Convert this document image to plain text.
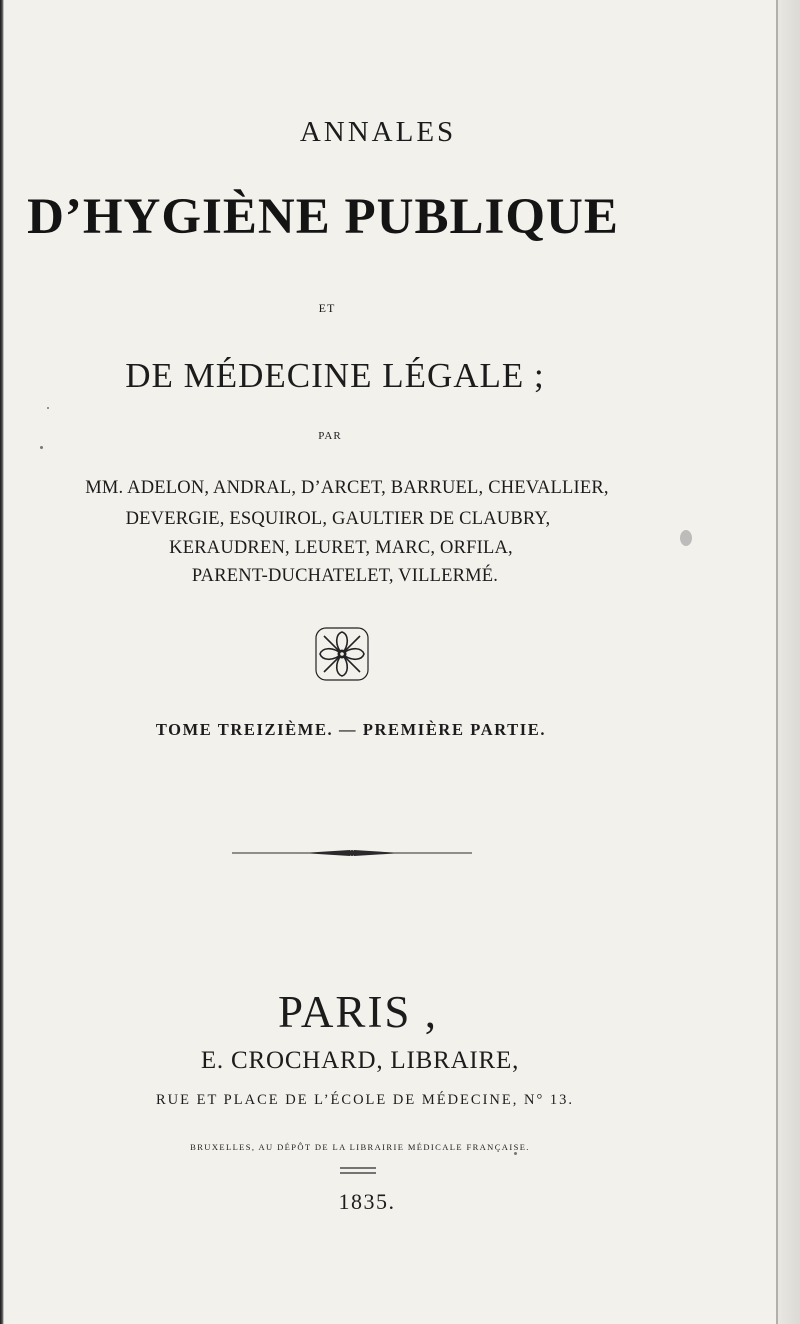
ANNALES
D’HYGIÈNE PUBLIQUE
ET
DE MÉDECINE LÉGALE ;
PAR
MM. ADELON, ANDRAL, D’ARCET, BARRUEL, CHEVALLIER,
DEVERGIE, ESQUIROL, GAULTIER DE CLAUBRY,
KERAUDREN, LEURET, MARC, ORFILA,
PARENT-DUCHATELET, VILLERMÉ.
TOME TREIZIÈME. — PREMIÈRE PARTIE.
PARIS ,
E. CROCHARD, LIBRAIRE,
RUE ET PLACE DE L’ÉCOLE DE MÉDECINE, N° 13.
BRUXELLES, AU DÉPÔT DE LA LIBRAIRIE MÉDICALE FRANÇAISE.
1835.
